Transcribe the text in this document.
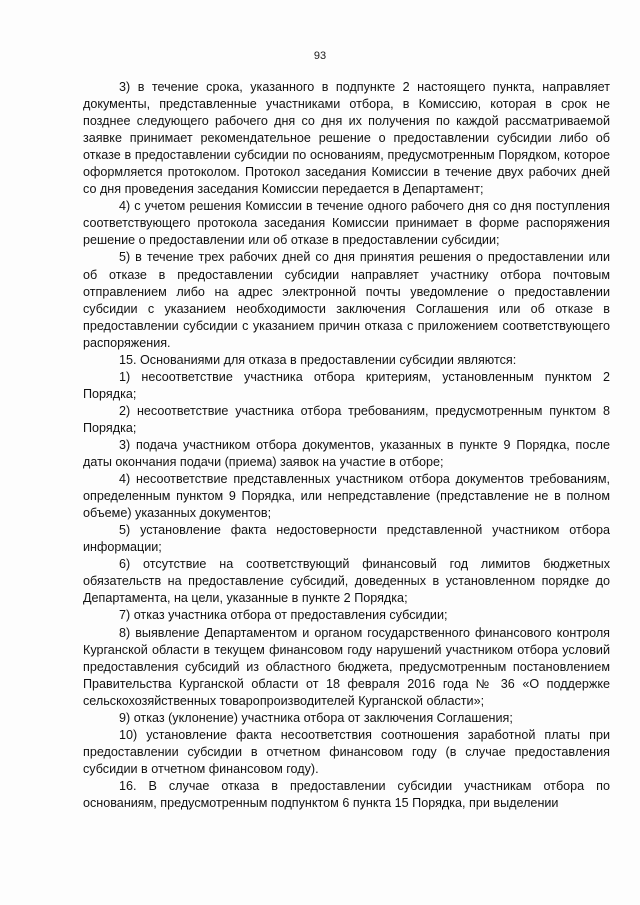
93

3) в течение срока, указанного в подпункте 2 настоящего пункта, направляет документы, представленные участниками отбора, в Комиссию, которая в срок не позднее следующего рабочего дня со дня их получения по каждой рассматриваемой заявке принимает рекомендательное решение о предоставлении субсидии либо об отказе в предоставлении субсидии по основаниям, предусмотренным Порядком, которое оформляется протоколом. Протокол заседания Комиссии в течение двух рабочих дней со дня проведения заседания Комиссии передается в Департамент;

4) с учетом решения Комиссии в течение одного рабочего дня со дня поступления соответствующего протокола заседания Комиссии принимает в форме распоряжения решение о предоставлении или об отказе в предоставлении субсидии;

5) в течение трех рабочих дней со дня принятия решения о предоставлении или об отказе в предоставлении субсидии направляет участнику отбора почтовым отправлением либо на адрес электронной почты уведомление о предоставлении субсидии с указанием необходимости заключения Соглашения или об отказе в предоставлении субсидии с указанием причин отказа с приложением соответствующего распоряжения.

15. Основаниями для отказа в предоставлении субсидии являются:

1) несоответствие участника отбора критериям, установленным пунктом 2 Порядка;

2) несоответствие участника отбора требованиям, предусмотренным пунктом 8 Порядка;

3) подача участником отбора документов, указанных в пункте 9 Порядка, после даты окончания подачи (приема) заявок на участие в отборе;

4) несоответствие представленных участником отбора документов требованиям, определенным пунктом 9 Порядка, или непредставление (представление не в полном объеме) указанных документов;

5) установление факта недостоверности представленной участником отбора информации;

6) отсутствие на соответствующий финансовый год лимитов бюджетных обязательств на предоставление субсидий, доведенных в установленном порядке до Департамента, на цели, указанные в пункте 2 Порядка;

7) отказ участника отбора от предоставления субсидии;

8) выявление Департаментом и органом государственного финансового контроля Курганской области в текущем финансовом году нарушений участником отбора условий предоставления субсидий из областного бюджета, предусмотренным постановлением Правительства Курганской области от 18 февраля 2016 года № 36 «О поддержке сельскохозяйственных товаропроизводителей Курганской области»;

9) отказ (уклонение) участника отбора от заключения Соглашения;

10) установление факта несоответствия соотношения заработной платы при предоставлении субсидии в отчетном финансовом году (в случае предоставления субсидии в отчетном финансовом году).

16. В случае отказа в предоставлении субсидии участникам отбора по основаниям, предусмотренным подпунктом 6 пункта 15 Порядка, при выделении
